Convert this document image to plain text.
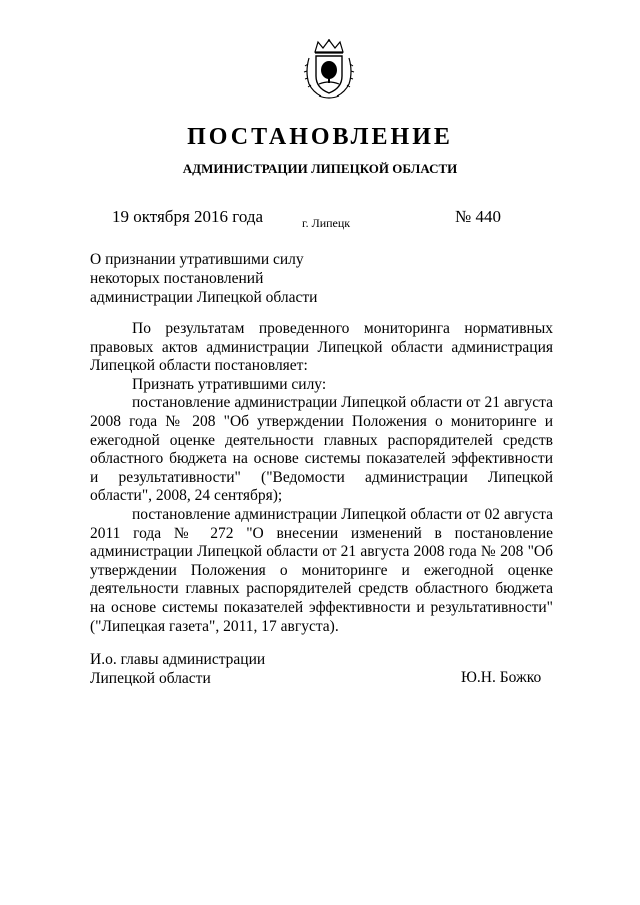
ПОСТАНОВЛЕНИЕ
АДМИНИСТРАЦИИ ЛИПЕЦКОЙ ОБЛАСТИ
19 октября 2016 года	г. Липецк	№ 440
О признании утратившими силу
некоторых постановлений
администрации Липецкой области

По результатам проведенного мониторинга нормативных правовых актов администрации Липецкой области администрация Липецкой области постановляет:

Признать утратившими силу:

постановление администрации Липецкой области от 21 августа 2008 года № 208 "Об утверждении Положения о мониторинге и ежегодной оценке деятельности главных распорядителей средств областного бюджета на основе системы показателей эффективности и результативности" ("Ведомости администрации Липецкой области", 2008, 24 сентября);

постановление администрации Липецкой области от 02 августа 2011 года № 272 "О внесении изменений в постановление администрации Липецкой области от 21 августа 2008 года № 208 "Об утверждении Положения о мониторинге и ежегодной оценке деятельности главных распорядителей средств областного бюджета на основе системы показателей эффективности и результативности" ("Липецкая газета", 2011, 17 августа).

И.о. главы администрации
Липецкой области	Ю.Н. Божко
